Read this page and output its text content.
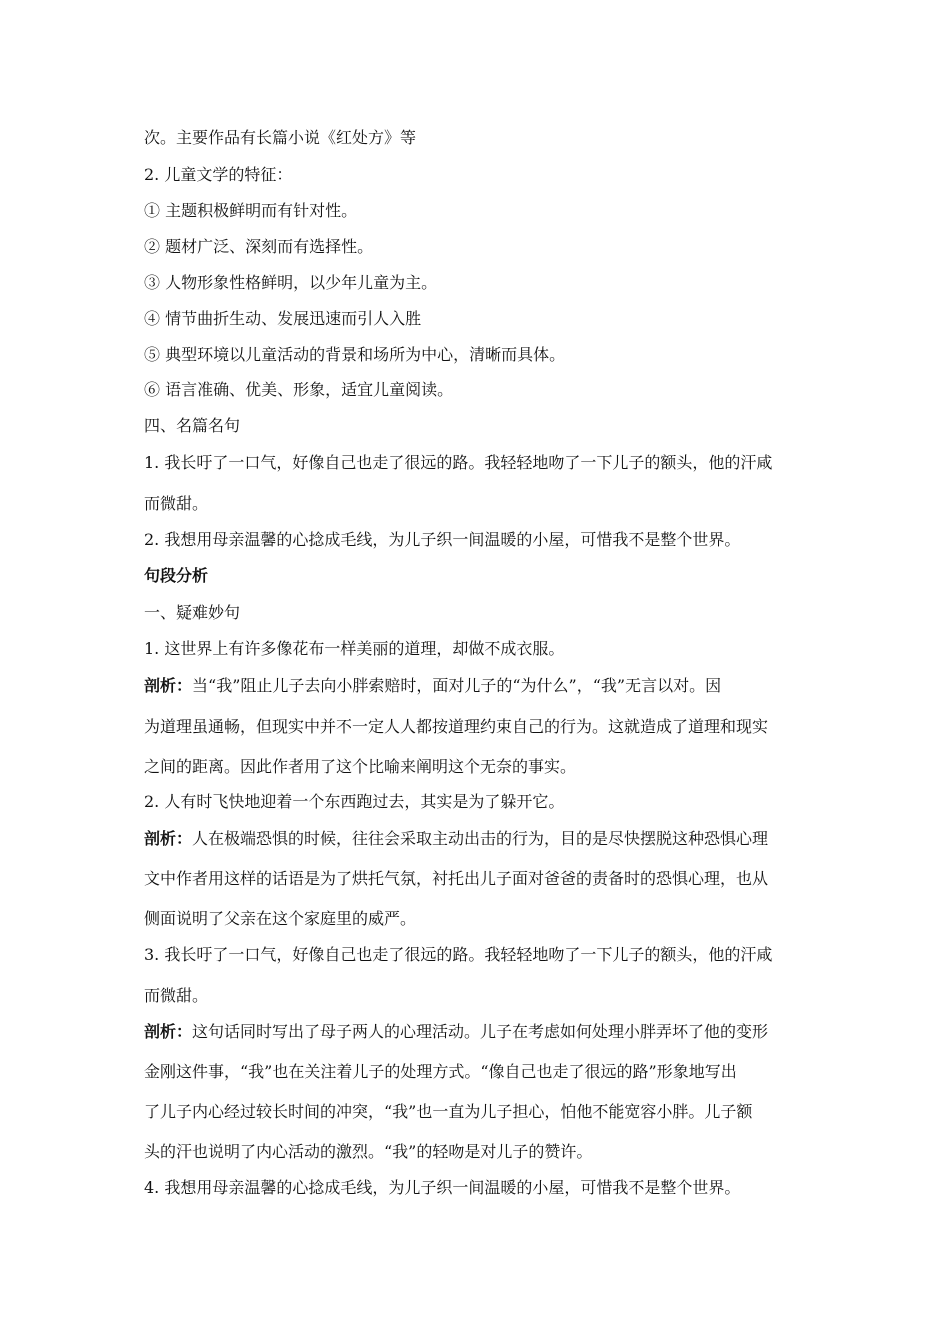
次。主要作品有长篇小说《红处方》等
2. 儿童文学的特征：
① 主题积极鲜明而有针对性。
② 题材广泛、深刻而有选择性。
③ 人物形象性格鲜明，以少年儿童为主。
④ 情节曲折生动、发展迅速而引人入胜
⑤ 典型环境以儿童活动的背景和场所为中心，清晰而具体。
⑥ 语言准确、优美、形象，适宜儿童阅读。
四、名篇名句
1. 我长吁了一口气，好像自己也走了很远的路。我轻轻地吻了一下儿子的额头，他的汗咸
而微甜。
2. 我想用母亲温馨的心捻成毛线，为儿子织一间温暖的小屋，可惜我不是整个世界。
句段分析
一、疑难妙句
1. 这世界上有许多像花布一样美丽的道理，却做不成衣服。
剖析：当“我”阻止儿子去向小胖索赔时，面对儿子的“为什么”，“我”无言以对。因
为道理虽通畅，但现实中并不一定人人都按道理约束自己的行为。这就造成了道理和现实
之间的距离。因此作者用了这个比喻来阐明这个无奈的事实。
2. 人有时飞快地迎着一个东西跑过去，其实是为了躲开它。
剖析：人在极端恐惧的时候，往往会采取主动出击的行为，目的是尽快摆脱这种恐惧心理
文中作者用这样的话语是为了烘托气氛，衬托出儿子面对爸爸的责备时的恐惧心理，也从
侧面说明了父亲在这个家庭里的威严。
3. 我长吁了一口气，好像自己也走了很远的路。我轻轻地吻了一下儿子的额头，他的汗咸
而微甜。
剖析：这句话同时写出了母子两人的心理活动。儿子在考虑如何处理小胖弄坏了他的变形
金刚这件事，“我”也在关注着儿子的处理方式。“像自己也走了很远的路”形象地写出
了儿子内心经过较长时间的冲突，“我”也一直为儿子担心，怕他不能宽容小胖。儿子额
头的汗也说明了内心活动的激烈。“我”的轻吻是对儿子的赞许。
4. 我想用母亲温馨的心捻成毛线，为儿子织一间温暖的小屋，可惜我不是整个世界。
